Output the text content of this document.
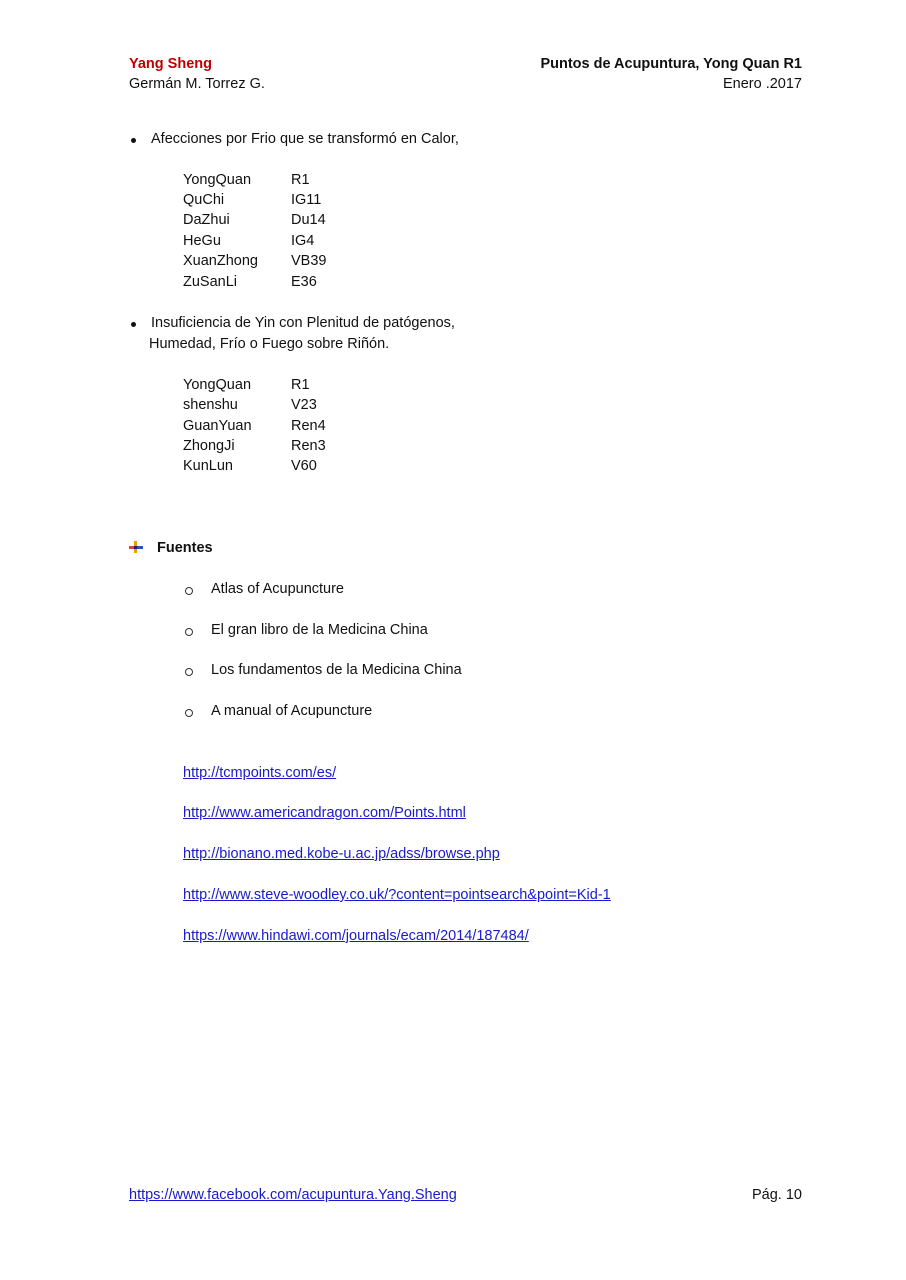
Yang Sheng
Germán M. Torrez G.
Puntos de Acupuntura, Yong Quan R1
Enero .2017
Afecciones por Frio que se transformó en Calor,
YongQuan	R1
QuChi	IG11
DaZhui	Du14
HeGu	IG4
XuanZhong VB39
ZuSanLi	E36
Insuficiencia de Yin con Plenitud de patógenos,
Humedad, Frío o Fuego sobre Riñón.
YongQuan	R1
shenshu	V23
GuanYuan	Ren4
ZhongJi	Ren3
KunLun	V60
Fuentes
Atlas of Acupuncture
El gran libro de la Medicina China
Los fundamentos de la Medicina China
A manual of Acupuncture
http://tcmpoints.com/es/
http://www.americandragon.com/Points.html
http://bionano.med.kobe-u.ac.jp/adss/browse.php
http://www.steve-woodley.co.uk/?content=pointsearch&point=Kid-1
https://www.hindawi.com/journals/ecam/2014/187484/
https://www.facebook.com/acupuntura.Yang.Sheng	Pág. 10
